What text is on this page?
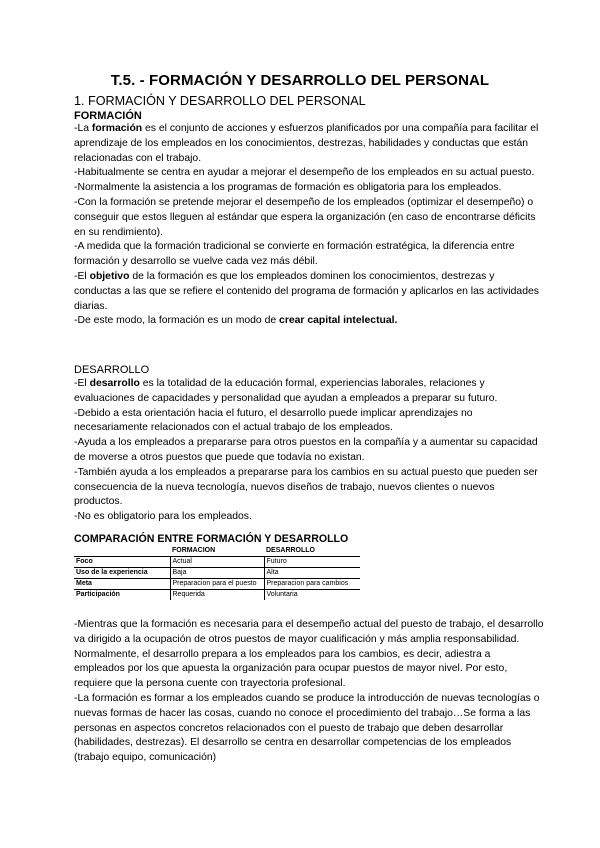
T.5. - FORMACIÓN Y DESARROLLO DEL PERSONAL
1. FORMACIÓN Y DESARROLLO DEL PERSONAL
FORMACIÓN

-La formación es el conjunto de acciones y esfuerzos planificados por una compañía para facilitar el aprendizaje de los empleados en los conocimientos, destrezas, habilidades y conductas que están relacionadas con el trabajo.

-Habitualmente se centra en ayudar a mejorar el desempeño de los empleados en su actual puesto.

-Normalmente la asistencia a los programas de formación es obligatoria para los empleados.

-Con la formación se pretende mejorar el desempeño de los empleados (optimizar el desempeño) o conseguir que estos lleguen al estándar que espera la organización (en caso de encontrarse déficits en su rendimiento).

-A medida que la formación tradicional se convierte en formación estratégica, la diferencia entre formación y desarrollo se vuelve cada vez más débil.

-El objetivo de la formación es que los empleados dominen los conocimientos, destrezas y conductas a las que se refiere el contenido del programa de formación y aplicarlos en las actividades diarias.

-De este modo, la formación es un modo de crear capital intelectual.

DESARROLLO

-El desarrollo es la totalidad de la educación formal, experiencias laborales, relaciones y evaluaciones de capacidades y personalidad que ayudan a empleados a preparar su futuro.

-Debido a esta orientación hacia el futuro, el desarrollo puede implicar aprendizajes no necesariamente relacionados con el actual trabajo de los empleados.

-Ayuda a los empleados a prepararse para otros puestos en la compañía y a aumentar su capacidad de moverse a otros puestos que puede que todavía no existan.

-También ayuda a los empleados a prepararse para los cambios en su actual puesto que pueden ser consecuencia de la nueva tecnología, nuevos diseños de trabajo, nuevos clientes o nuevos productos.

-No es obligatorio para los empleados.

COMPARACIÓN ENTRE FORMACIÓN Y DESARROLLO
	FORMACION	DESARROLLO
Foco	Actual	Futuro
Uso de la experiencia	Baja	Alta
Meta	Preparacion para el puesto	Preparacion para cambios
Participación	Requerida	Voluntaria

-Mientras que la formación es necesaria para el desempeño actual del puesto de trabajo, el desarrollo va dirigido a la ocupación de otros puestos de mayor cualificación y más amplia responsabilidad. Normalmente, el desarrollo prepara a los empleados para los cambios, es decir, adiestra a empleados por los que apuesta la organización para ocupar puestos de mayor nivel. Por esto, requiere que la persona cuente con trayectoria profesional.

-La formación es formar a los empleados cuando se produce la introducción de nuevas tecnologías o nuevas formas de hacer las cosas, cuando no conoce el procedimiento del trabajo…Se forma a las personas en aspectos concretos relacionados con el puesto de trabajo que deben desarrollar (habilidades, destrezas). El desarrollo se centra en desarrollar competencias de los empleados (trabajo equipo, comunicación)
